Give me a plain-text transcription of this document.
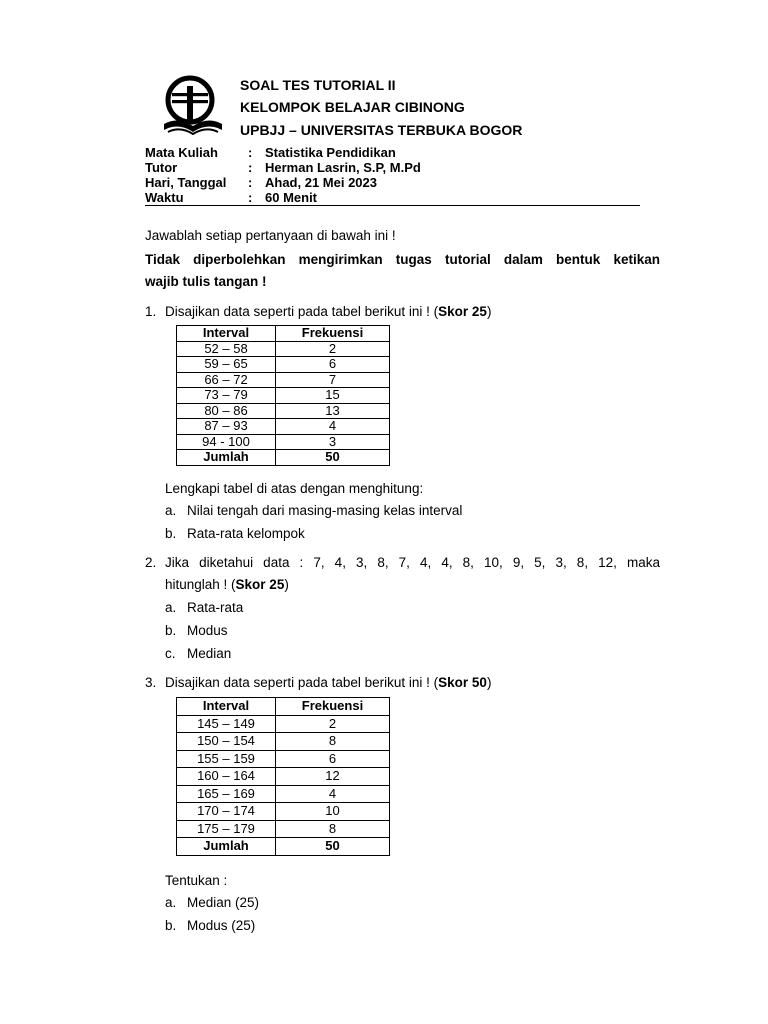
SOAL TES TUTORIAL II
KELOMPOK BELAJAR CIBINONG
UPBJJ – UNIVERSITAS TERBUKA BOGOR
Mata Kuliah : Statistika Pendidikan
Tutor	: Herman Lasrin, S.P, M.Pd
Hari, Tanggal : Ahad, 21 Mei 2023
Waktu	: 60 Menit
Jawablah setiap pertanyaan di bawah ini !
Tidak diperbolehkan mengirimkan tugas tutorial dalam bentuk ketikan
wajib tulis tangan !
1. Disajikan data seperti pada tabel berikut ini ! (Skor 25)
Interval	Frekuensi
52 – 58	2
59 – 65	6
66 – 72	7
73 – 79	15
80 – 86	13
87 – 93	4
94 - 100	3
Jumlah	50
Lengkapi tabel di atas dengan menghitung:
a. Nilai tengah dari masing-masing kelas interval
b. Rata-rata kelompok
2. Jika diketahui data : 7, 4, 3, 8, 7, 4, 4, 8, 10, 9, 5, 3, 8, 12, maka
hitunglah ! (Skor 25)
a. Rata-rata
b. Modus
c. Median
3. Disajikan data seperti pada tabel berikut ini ! (Skor 50)
Interval	Frekuensi
145 – 149	2
150 – 154	8
155 – 159	6
160 – 164	12
165 – 169	4
170 – 174	10
175 – 179	8
Jumlah	50
Tentukan :
a. Median (25)
b. Modus (25)
